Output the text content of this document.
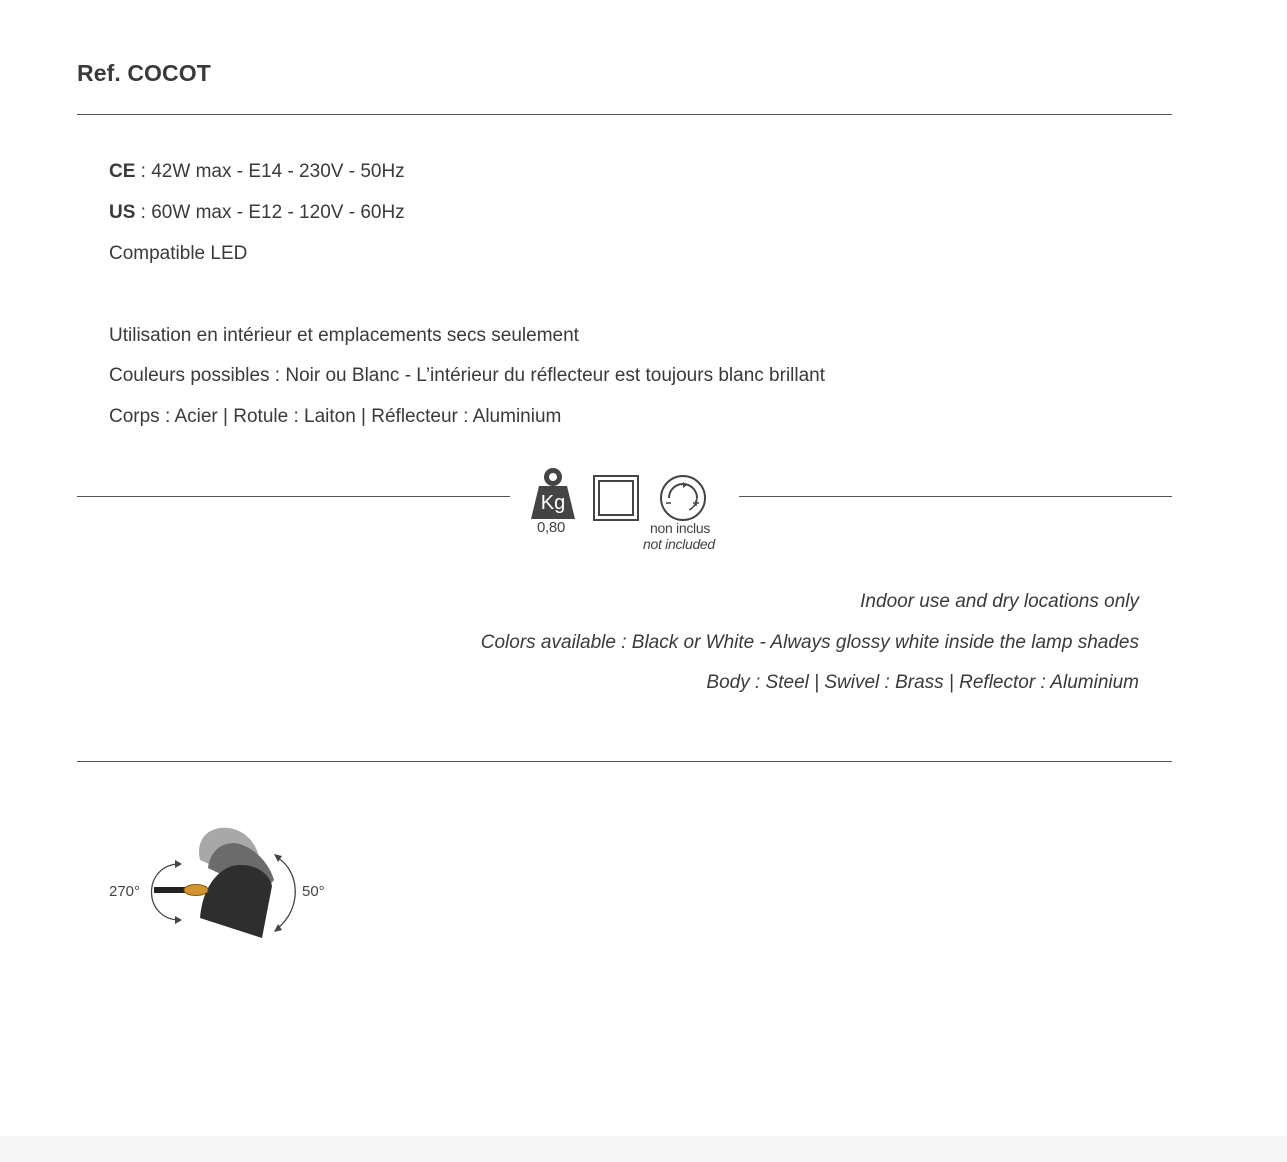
Ref. COCOT
CE : 42W max - E14 - 230V - 50Hz
US : 60W max - E12 - 120V - 60Hz
Compatible LED
Utilisation en intérieur et emplacements secs seulement
Couleurs possibles : Noir ou Blanc - L’intérieur du réflecteur est toujours blanc brillant
Corps : Acier | Rotule : Laiton | Réflecteur : Aluminium
Kg
0,80	non inclus
not included
Indoor use and dry locations only
Colors available : Black or White - Always glossy white inside the lamp shades
Body : Steel | Swivel : Brass | Reflector : Aluminium
270°	50°
